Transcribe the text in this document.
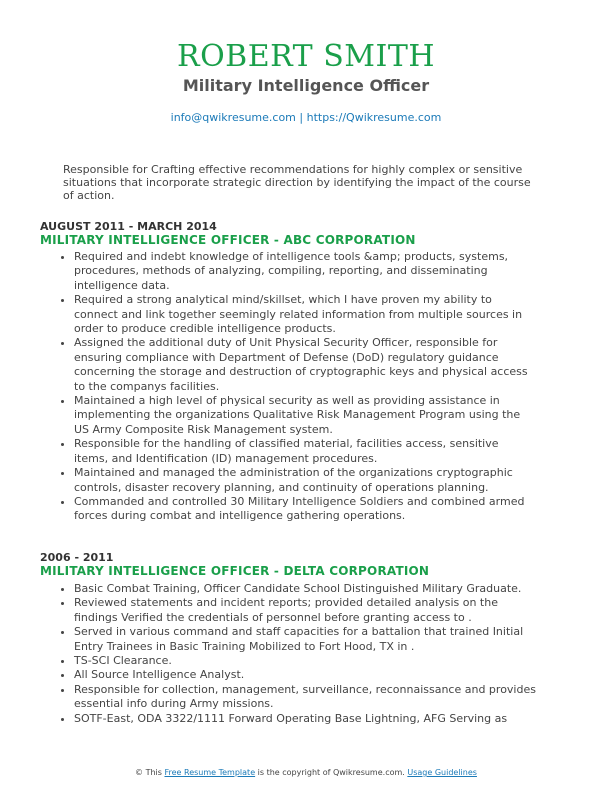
ROBERT SMITH
Military Intelligence Officer
info@qwikresume.com | https://Qwikresume.com
Responsible for Crafting effective recommendations for highly complex or sensitive situations that incorporate strategic direction by identifying the impact of the course of action.
AUGUST 2011 - MARCH 2014
MILITARY INTELLIGENCE OFFICER - ABC CORPORATION
• Required and indebt knowledge of intelligence tools &amp; products, systems, procedures, methods of analyzing, compiling, reporting, and disseminating intelligence data.
• Required a strong analytical mind/skillset, which I have proven my ability to connect and link together seemingly related information from multiple sources in order to produce credible intelligence products.
• Assigned the additional duty of Unit Physical Security Officer, responsible for ensuring compliance with Department of Defense (DoD) regulatory guidance concerning the storage and destruction of cryptographic keys and physical access to the companys facilities.
• Maintained a high level of physical security as well as providing assistance in implementing the organizations Qualitative Risk Management Program using the US Army Composite Risk Management system.
• Responsible for the handling of classified material, facilities access, sensitive items, and Identification (ID) management procedures.
• Maintained and managed the administration of the organizations cryptographic controls, disaster recovery planning, and continuity of operations planning.
• Commanded and controlled 30 Military Intelligence Soldiers and combined armed forces during combat and intelligence gathering operations.
2006 - 2011
MILITARY INTELLIGENCE OFFICER - DELTA CORPORATION
• Basic Combat Training, Officer Candidate School Distinguished Military Graduate.
• Reviewed statements and incident reports; provided detailed analysis on the findings Verified the credentials of personnel before granting access to .
• Served in various command and staff capacities for a battalion that trained Initial Entry Trainees in Basic Training Mobilized to Fort Hood, TX in .
• TS-SCI Clearance.
• All Source Intelligence Analyst.
• Responsible for collection, management, surveillance, reconnaissance and provides essential info during Army missions.
• SOTF-East, ODA 3322/1111 Forward Operating Base Lightning, AFG Serving as
© This Free Resume Template is the copyright of Qwikresume.com. Usage Guidelines
